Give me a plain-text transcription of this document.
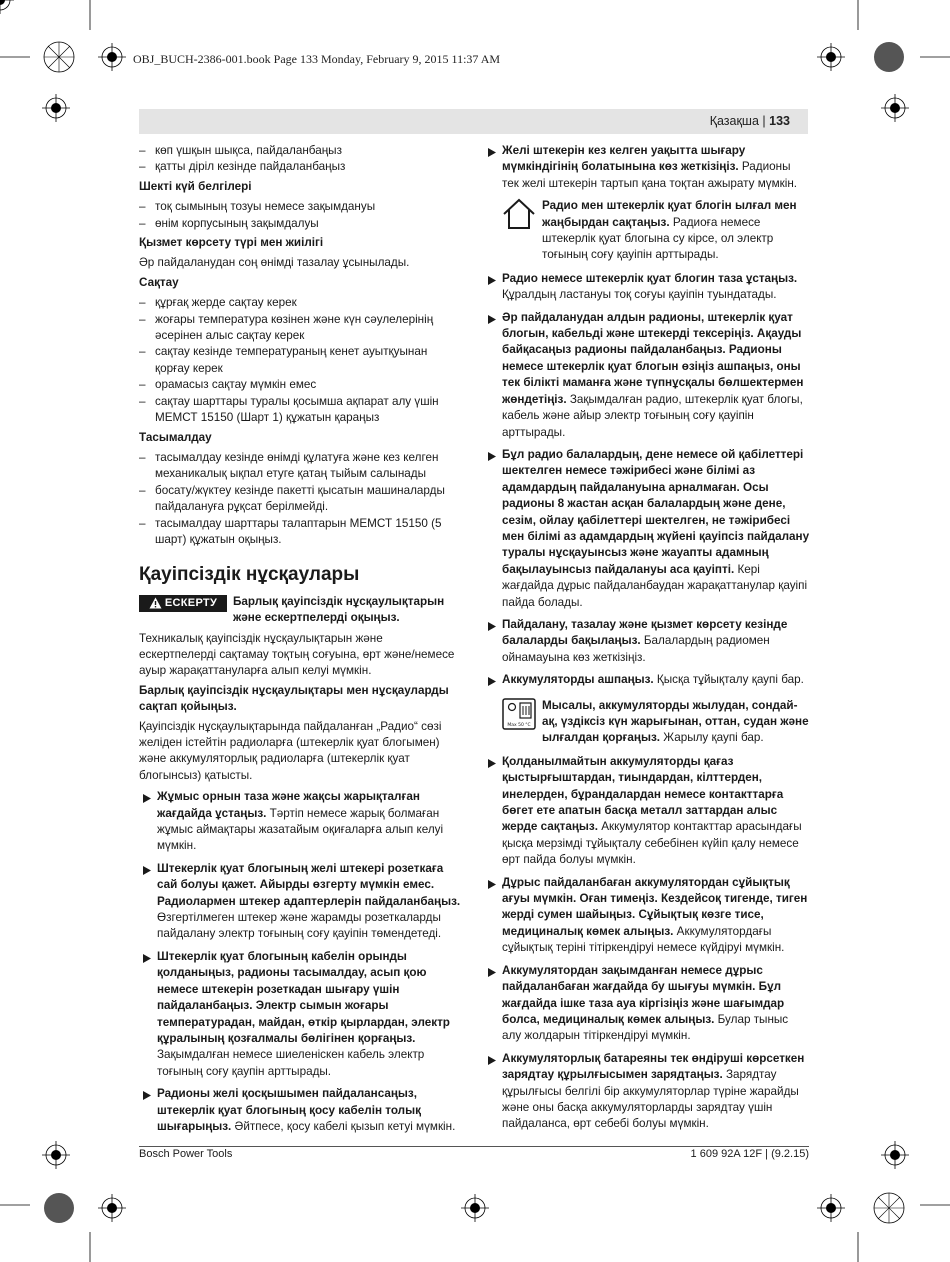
OBJ_BUCH-2386-001.book Page 133 Monday, February 9, 2015 11:37 AM
Қазақша | 133
– көп үшқын шықса, пайдаланбаңыз
– қатты діріл кезінде пайдаланбаңыз
Шекті күй белгілері
– тоқ сымының тозуы немесе зақымдануы
– өнім корпусының зақымдалуы
Қызмет көрсету түрі мен жиілігі
Әр пайдаланудан соң өнімді тазалау ұсынылады.
Сақтау
– құрғақ жерде сақтау керек
– жоғары температура көзінен және күн сәулелерінің әсерінен алыс сақтау керек
– сақтау кезінде температураның кенет ауытқуынан қорғау керек
– орамасыз сақтау мүмкін емес
– сақтау шарттары туралы қосымша ақпарат алу үшін МЕМСТ 15150 (Шарт 1) құжатын қараңыз
Тасымалдау
– тасымалдау кезінде өнімді құлатуға және кез келген механикалық ықпал етуге қатаң тыйым салынады
– босату/жүктеу кезінде пакетті қысатын машиналарды пайдалануға рұқсат берілмейді.
– тасымалдау шарттары талаптарын МЕМСТ 15150 (5 шарт) құжатын оқыңыз.
Қауіпсіздік нұсқаулары
ЕСКЕРТУ Барлық қауіпсіздік нұсқаулықтарын және ескертпелерді оқыңыз.
Техникалық қауіпсіздік нұсқаулықтарын және ескертпелерді сақтамау тоқтың соғуына, өрт және/немесе ауыр жарақаттануларға алып келуі мүмкін.
Барлық қауіпсіздік нұсқаулықтары мен нұсқауларды сақтап қойыңыз.
Қауіпсіздік нұсқаулықтарында пайдаланған „Радио“ сөзі желіден істейтін радиоларға (штекерлік қуат блогымен) және аккумуляторлық радиоларға (штекерлік қуат блогынсыз) қатысты.
Жұмыс орнын таза және жақсы жарықталған жағдайда ұстаңыз. Тәртіп немесе жарық болмаған жұмыс аймақтары жазатайым оқиғаларға алып келуі мүмкін.
Штекерлік қуат блогының желі штекері розеткаға сай болуы қажет. Айырды өзгерту мүмкін емес. Радиолармен штекер адаптерлерін пайдаланбаңыз. Өзгертілмеген штекер және жарамды розеткаларды пайдалану электр тоғының соғу қауіпін төмендетеді.
Штекерлік қуат блогының кабелін орынды қолданыңыз, радионы тасымалдау, асып қою немесе штекерін розеткадан шығару үшін пайдаланбаңыз. Электр сымын жоғары температурадан, майдан, өткір қырлардан, электр құралының қозғалмалы бөлігінен қорғаңыз. Зақымдалған немесе шиеленіскен кабель электр тоғының соғу қаупін арттырады.
Радионы желі қосқышымен пайдалансаңыз, штекерлік қуат блогының қосу кабелін толық шығарыңыз. Әйтпесе, қосу кабелі қызып кетуі мүмкін.
Желі штекерін кез келген уақытта шығару мүмкіндігінің болатынына көз жеткізіңіз. Радионы тек желі штекерін тартып қана тоқтан ажырату мүмкін.
Радио мен штекерлік қуат блогін ылғал мен жаңбырдан сақтаңыз. Радиоға немесе штекерлік қуат блогына су кірсе, ол электр тоғының соғу қауіпін арттырады.
Радио немесе штекерлік қуат блогин таза ұстаңыз. Құралдың ластануы тоқ соғуы қауіпін туындатады.
Әр пайдаланудан алдын радионы, штекерлік қуат блогын, кабельді және штекерді тексеріңіз. Ақауды байқасаңыз радионы пайдаланбаңыз. Радионы немесе штекерлік қуат блогын өзіңіз ашпаңыз, оны тек білікті маманға және түпнұсқалы бөлшектермен жөндетіңіз. Зақымдалған радио, штекерлік қуат блогы, кабель және айыр электр тоғының соғу қауіпін арттырады.
Бұл радио балалардың, дене немесе ой қабілеттері шектелген немесе тәжірибесі және білімі аз адамдардың пайдалануына арналмаған. Осы радионы 8 жастан асқан балалардың және дене, сезім, ойлау қабілеттері шектелген, не тәжірибесі мен білімі аз адамдардың жүйені қауіпсіз пайдалану туралы нұсқауынсыз және жауапты адамның бақылауынсыз пайдалануы аса қауіпті. Кері жағдайда дұрыс пайдаланбаудан жарақаттанулар қауіпі пайда болады.
Пайдалану, тазалау және қызмет көрсету кезінде балаларды бақылаңыз. Балалардың радиомен ойнамауына көз жеткізіңіз.
Аккумуляторды ашпаңыз. Қысқа тұйықталу қаупі бар.
Max 50 °C
Мысалы, аккумуляторды жылудан, сондай-ақ, үздіксіз күн жарығынан, оттан, судан және ылғалдан қорғаңыз. Жарылу қаупі бар.
Қолданылмайтын аккумуляторды қағаз қыстырғыштардан, тиындардан, кілттерден, инелерден, бұрандалардан немесе контакттарға бөгет ете апатын басқа металл заттардан алыс жерде сақтаңыз. Аккумулятор контакттар арасындағы қысқа мерзімді тұйықталу себебінен күйіп қалу немесе өрт пайда болуы мүмкін.
Дұрыс пайдаланбаған аккумулятордан сұйықтық ағуы мүмкін. Оған тимеңіз. Кездейсоқ тигенде, тиген жерді сумен шайыңыз. Сұйықтық көзге тисе, медициналық көмек алыңыз. Аккумулятордағы сұйықтық теріні тітіркендіруі немесе күйдіруі мүмкін.
Аккумулятордан зақымданған немесе дұрыс пайдаланбаған жағдайда бу шығуы мүмкін. Бұл жағдайда ішке таза ауа кіргізіңіз және шағымдар болса, медициналық көмек алыңыз. Булар тыныс алу жолдарын тітіркендіруі мүмкін.
Аккумуляторлық батареяны тек өндіруші көрсеткен зарядтау құрылғысымен зарядтаңыз. Зарядтау құрылғысы белгілі бір аккумуляторлар түріне жарайды және оны басқа аккумуляторларды зарядтау үшін пайдаланса, өрт себебі болуы мүмкін.
Bosch Power Tools	1 609 92A 12F | (9.2.15)
